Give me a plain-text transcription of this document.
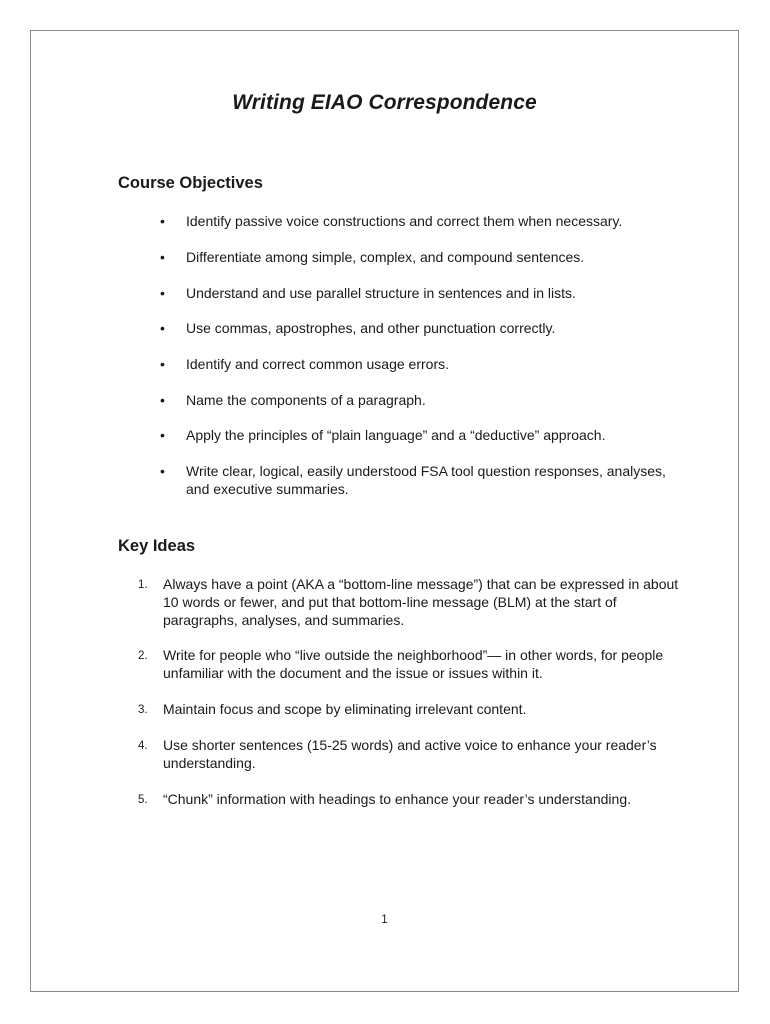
Writing EIAO Correspondence
Course Objectives
•	Identify passive voice constructions and correct them when necessary.
•	Differentiate among simple, complex, and compound sentences.
•	Understand and use parallel structure in sentences and in lists.
•	Use commas, apostrophes, and other punctuation correctly.
•	Identify and correct common usage errors.
•	Name the components of a paragraph.
•	Apply the principles of “plain language” and a “deductive” approach.
•	Write clear, logical, easily understood FSA tool question responses, analyses, and executive summaries.
Key Ideas
1. Always have a point (AKA a “bottom-line message”) that can be expressed in about 10 words or fewer, and put that bottom-line message (BLM) at the start of paragraphs, analyses, and summaries.
2. Write for people who “live outside the neighborhood”— in other words, for people unfamiliar with the document and the issue or issues within it.
3. Maintain focus and scope by eliminating irrelevant content.
4. Use shorter sentences (15-25 words) and active voice to enhance your reader’s understanding.
5. “Chunk” information with headings to enhance your reader’s understanding.
1
